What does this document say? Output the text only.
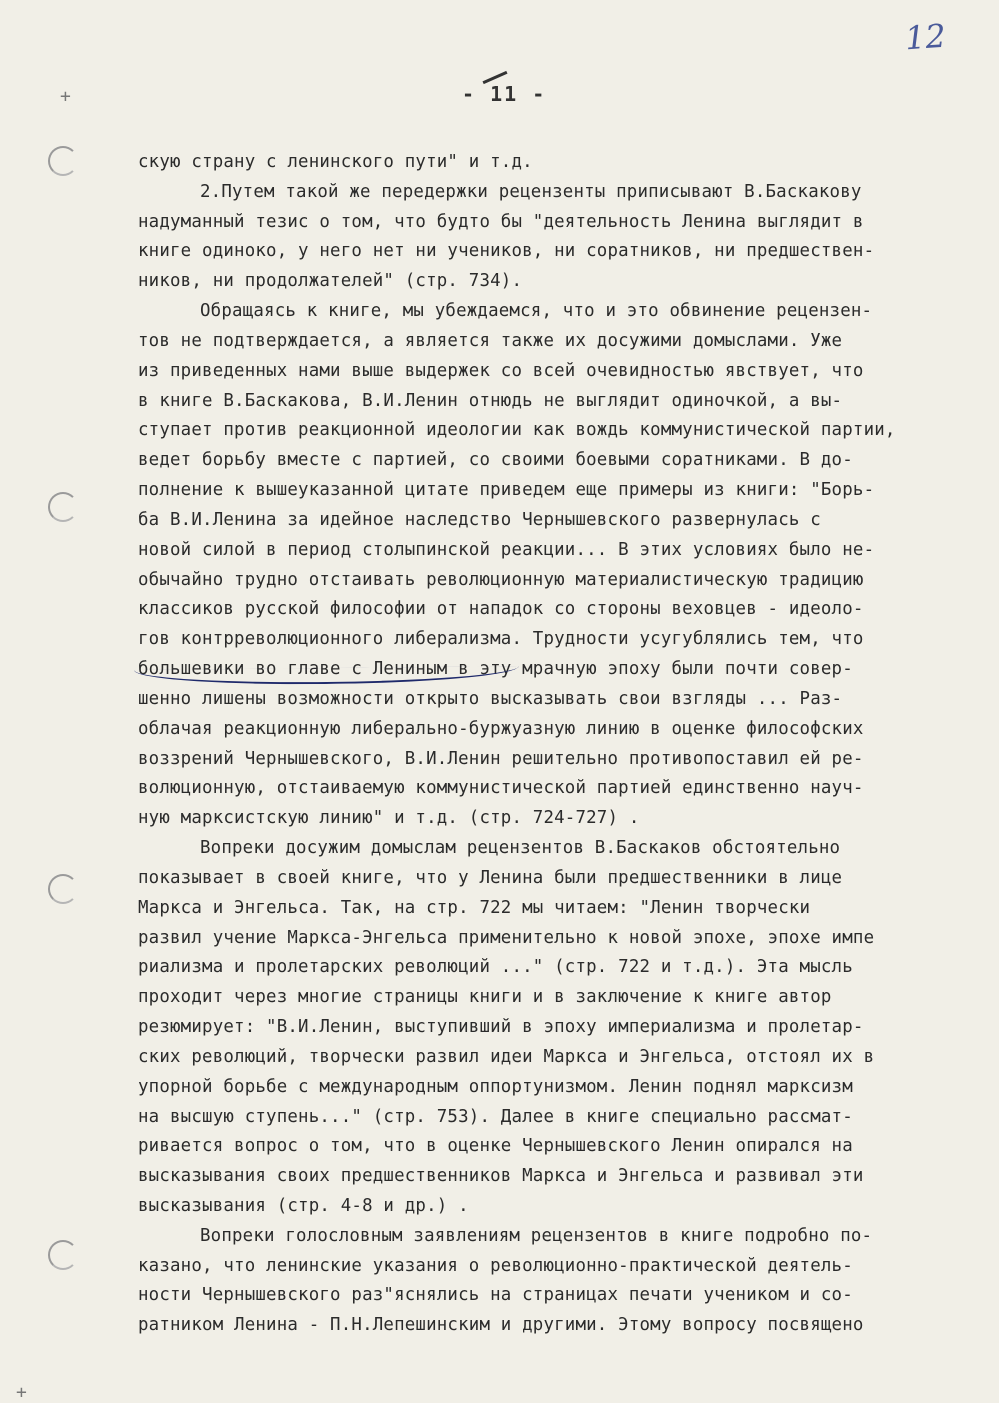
+
+
12
- 11 -
скую страну с ленинского пути" и т.д.
2.Путем такой же передержки рецензенты приписывают В.Баскакову
надуманный тезис о том, что будто бы "деятельность Ленина выглядит в
книге одиноко, у него нет ни учеников, ни соратников, ни предшествен-
ников, ни продолжателей" (стр. 734).
Обращаясь к книге, мы убеждаемся, что и это обвинение рецензен-
тов не подтверждается, а является также их досужими домыслами. Уже
из приведенных нами выше выдержек со всей очевидностью явствует, что
в книге В.Баскакова, В.И.Ленин отнюдь не выглядит одиночкой, а вы-
ступает против реакционной идеологии как вождь коммунистической партии,
ведет борьбу вместе с партией, со своими боевыми соратниками. В до-
полнение к вышеуказанной цитате приведем еще примеры из книги: "Борь-
ба В.И.Ленина за идейное наследство Чернышевского развернулась с
новой силой в период столыпинской реакции... В этих условиях было не-
обычайно трудно отстаивать революционную материалистическую традицию
классиков русской философии от нападок со стороны веховцев - идеоло-
гов контрреволюционного либерализма. Трудности усугублялись тем, что
большевики во главе с Лениным в эту мрачную эпоху были почти совер-
шенно лишены возможности открыто высказывать свои взгляды ... Раз-
облачая реакционную либерально-буржуазную линию в оценке философских
воззрений Чернышевского, В.И.Ленин решительно противопоставил ей ре-
волюционную, отстаиваемую коммунистической партией единственно науч-
ную марксистскую линию" и т.д. (стр. 724-727) .
Вопреки досужим домыслам рецензентов В.Баскаков обстоятельно
показывает в своей книге, что у Ленина были предшественники в лице
Маркса и Энгельса. Так, на стр. 722 мы читаем: "Ленин творчески
развил учение Маркса-Энгельса применительно к новой эпохе, эпохе импе
риализма и пролетарских революций ..." (стр. 722 и т.д.). Эта мысль
проходит через многие страницы книги и в заключение к книге автор
резюмирует: "В.И.Ленин, выступивший в эпоху империализма и пролетар-
ских революций, творчески развил идеи Маркса и Энгельса, отстоял их в
упорной борьбе с международным оппортунизмом. Ленин поднял марксизм
на высшую ступень..." (стр. 753). Далее в книге специально рассмат-
ривается вопрос о том, что в оценке Чернышевского Ленин опирался на
высказывания своих предшественников Маркса и Энгельса и развивал эти
высказывания (стр. 4-8 и др.) .
Вопреки голословным заявлениям рецензентов в книге подробно по-
казано, что ленинские указания о революционно-практической деятель-
ности Чернышевского раз"яснялись на страницах печати учеником и со-
ратником Ленина - П.Н.Лепешинским и другими. Этому вопросу посвящено
